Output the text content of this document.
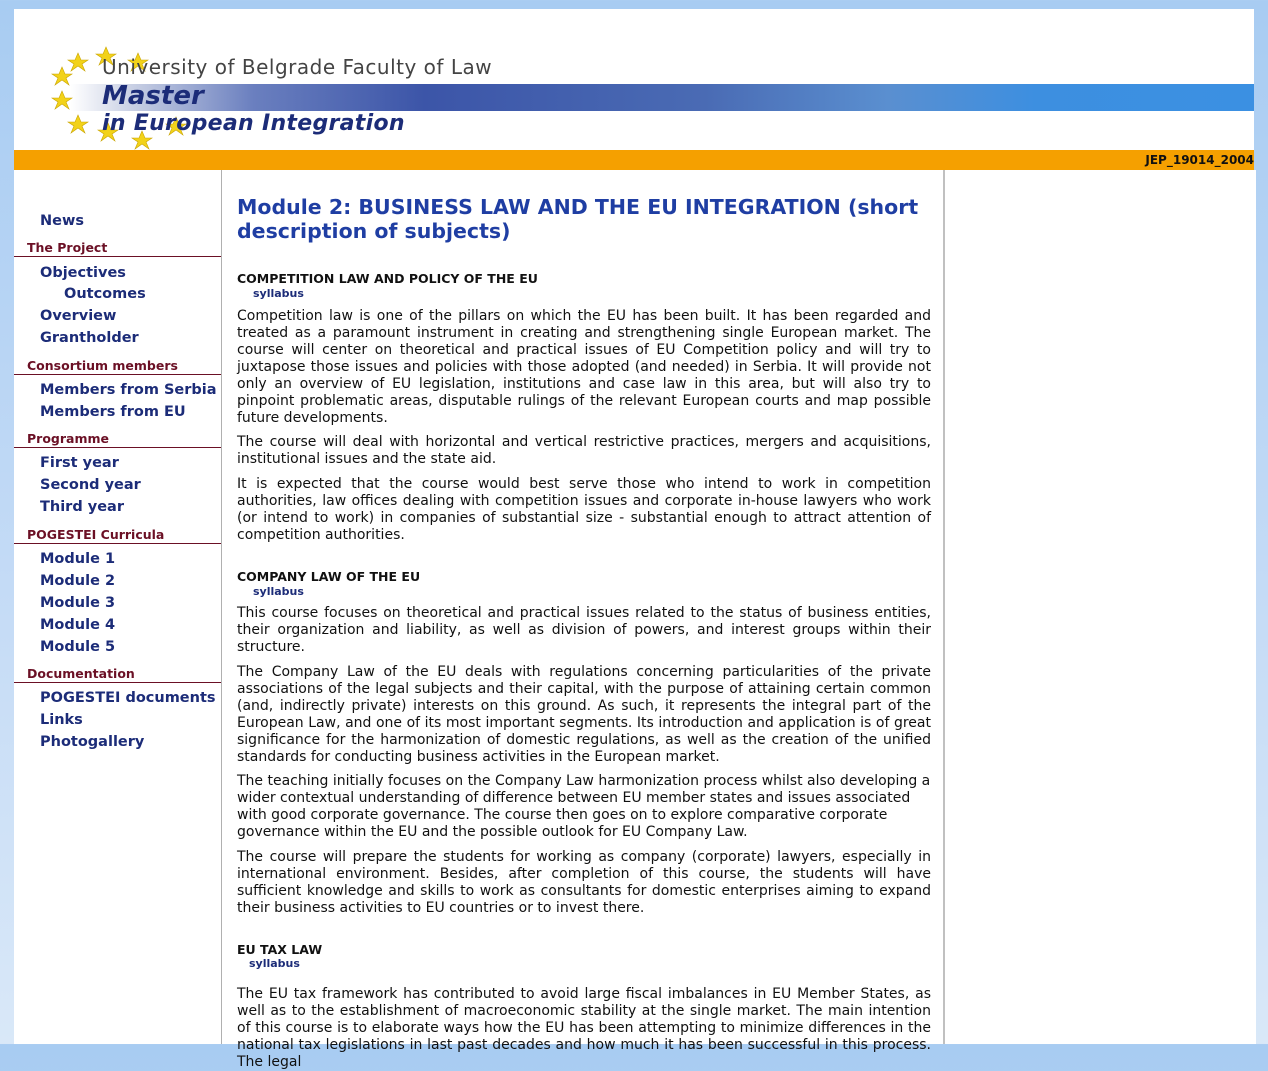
University of Belgrade Faculty of Law
Master
in European Integration
JEP_19014_2004
News
The Project
Objectives
Outcomes
Overview
Grantholder
Consortium members
Members from Serbia
Members from EU
Programme
First year
Second year
Third year
POGESTEI Curricula
Module 1
Module 2
Module 3
Module 4
Module 5
Documentation
POGESTEI documents
Links
Photogallery
Module 2: BUSINESS LAW AND THE EU INTEGRATION (short description of subjects)
COMPETITION LAW AND POLICY OF THE EU
syllabus

Competition law is one of the pillars on which the EU has been built. It has been regarded and treated as a paramount instrument in creating and strengthening single European market. The course will center on theoretical and practical issues of EU Competition policy and will try to juxtapose those issues and policies with those adopted (and needed) in Serbia. It will provide not only an overview of EU legislation, institutions and case law in this area, but will also try to pinpoint problematic areas, disputable rulings of the relevant European courts and map possible future developments.

The course will deal with horizontal and vertical restrictive practices, mergers and acquisitions, institutional issues and the state aid.

It is expected that the course would best serve those who intend to work in competition authorities, law offices dealing with competition issues and corporate in-house lawyers who work (or intend to work) in companies of substantial size - substantial enough to attract attention of competition authorities.

COMPANY LAW OF THE EU
syllabus

This course focuses on theoretical and practical issues related to the status of business entities, their organization and liability, as well as division of powers, and interest groups within their structure.

The Company Law of the EU deals with regulations concerning particularities of the private associations of the legal subjects and their capital, with the purpose of attaining certain common (and, indirectly private) interests on this ground. As such, it represents the integral part of the European Law, and one of its most important segments. Its introduction and application is of great significance for the harmonization of domestic regulations, as well as the creation of the unified standards for conducting business activities in the European market.

The teaching initially focuses on the Company Law harmonization process whilst also developing a wider contextual understanding of difference between EU member states and issues associated with good corporate governance. The course then goes on to explore comparative corporate governance within the EU and the possible outlook for EU Company Law.

The course will prepare the students for working as company (corporate) lawyers, especially in international environment. Besides, after completion of this course, the students will have sufficient knowledge and skills to work as consultants for domestic enterprises aiming to expand their business activities to EU countries or to invest there.

EU TAX LAW
syllabus

The EU tax framework has contributed to avoid large fiscal imbalances in EU Member States, as well as to the establishment of macroeconomic stability at the single market. The main intention of this course is to elaborate ways how the EU has been attempting to minimize differences in the national tax legislations in last past decades and how much it has been successful in this process. The legal
